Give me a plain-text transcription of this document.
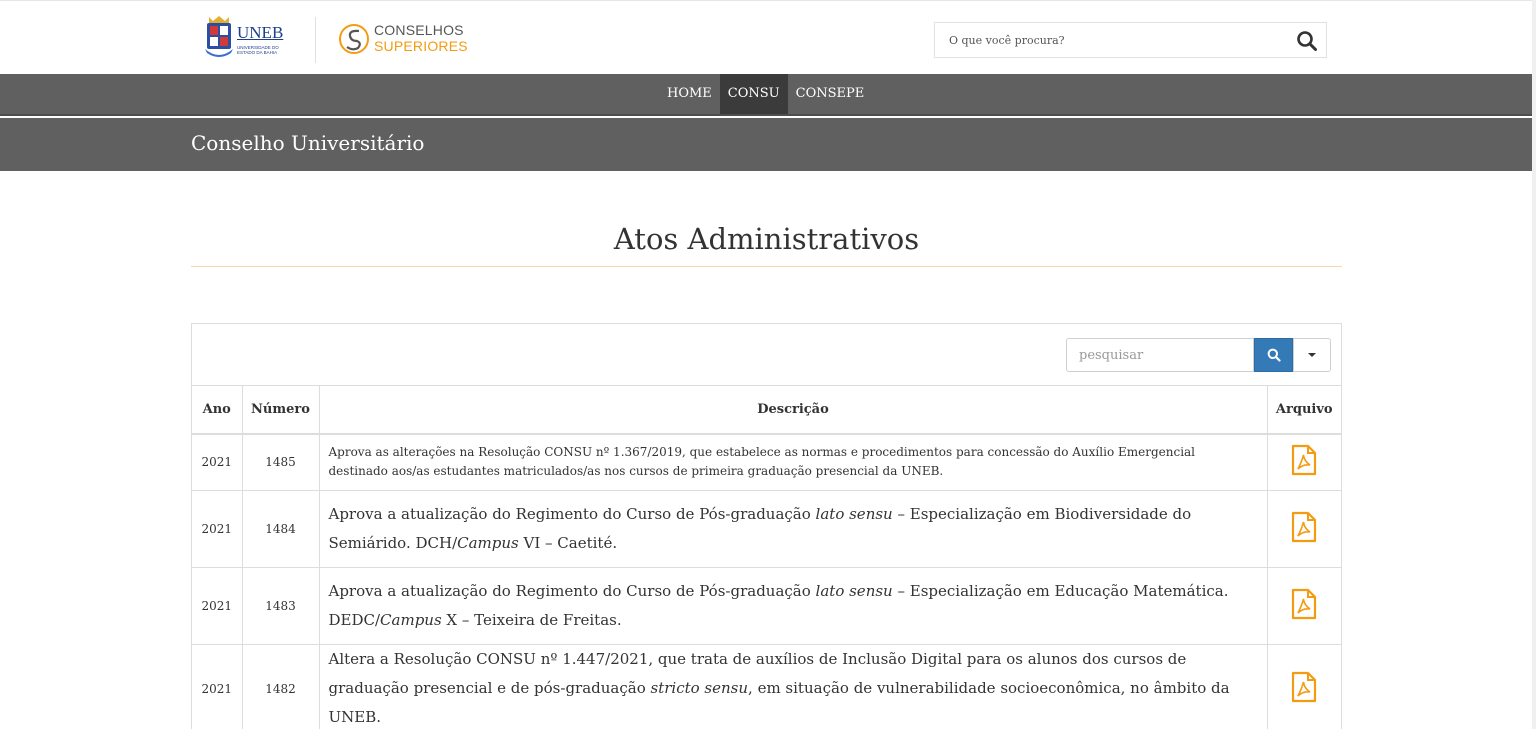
UNEB
UNIVERSIDADE DO ESTADO DA BAHIA
CONSELHOS
SUPERIORES
O que você procura?
HOME	CONSU	CONSEPE
Conselho Universitário
Atos Administrativos
pesquisar
Ano	Número	Descrição	Arquivo
2021	1485	Aprova as alterações na Resolução CONSU nº 1.367/2019, que estabelece as normas e procedimentos para concessão do Auxílio Emergencial destinado aos/as estudantes matriculados/as nos cursos de primeira graduação presencial da UNEB.	
2021	1484	Aprova a atualização do Regimento do Curso de Pós-graduação lato sensu – Especialização em Biodiversidade do Semiárido. DCH/Campus VI – Caetité.	
2021	1483	Aprova a atualização do Regimento do Curso de Pós-graduação lato sensu – Especialização em Educação Matemática. DEDC/Campus X – Teixeira de Freitas.	
2021	1482	Altera a Resolução CONSU nº 1.447/2021, que trata de auxílios de Inclusão Digital para os alunos dos cursos de graduação presencial e de pós-graduação stricto sensu, em situação de vulnerabilidade socioeconômica, no âmbito da UNEB.	
